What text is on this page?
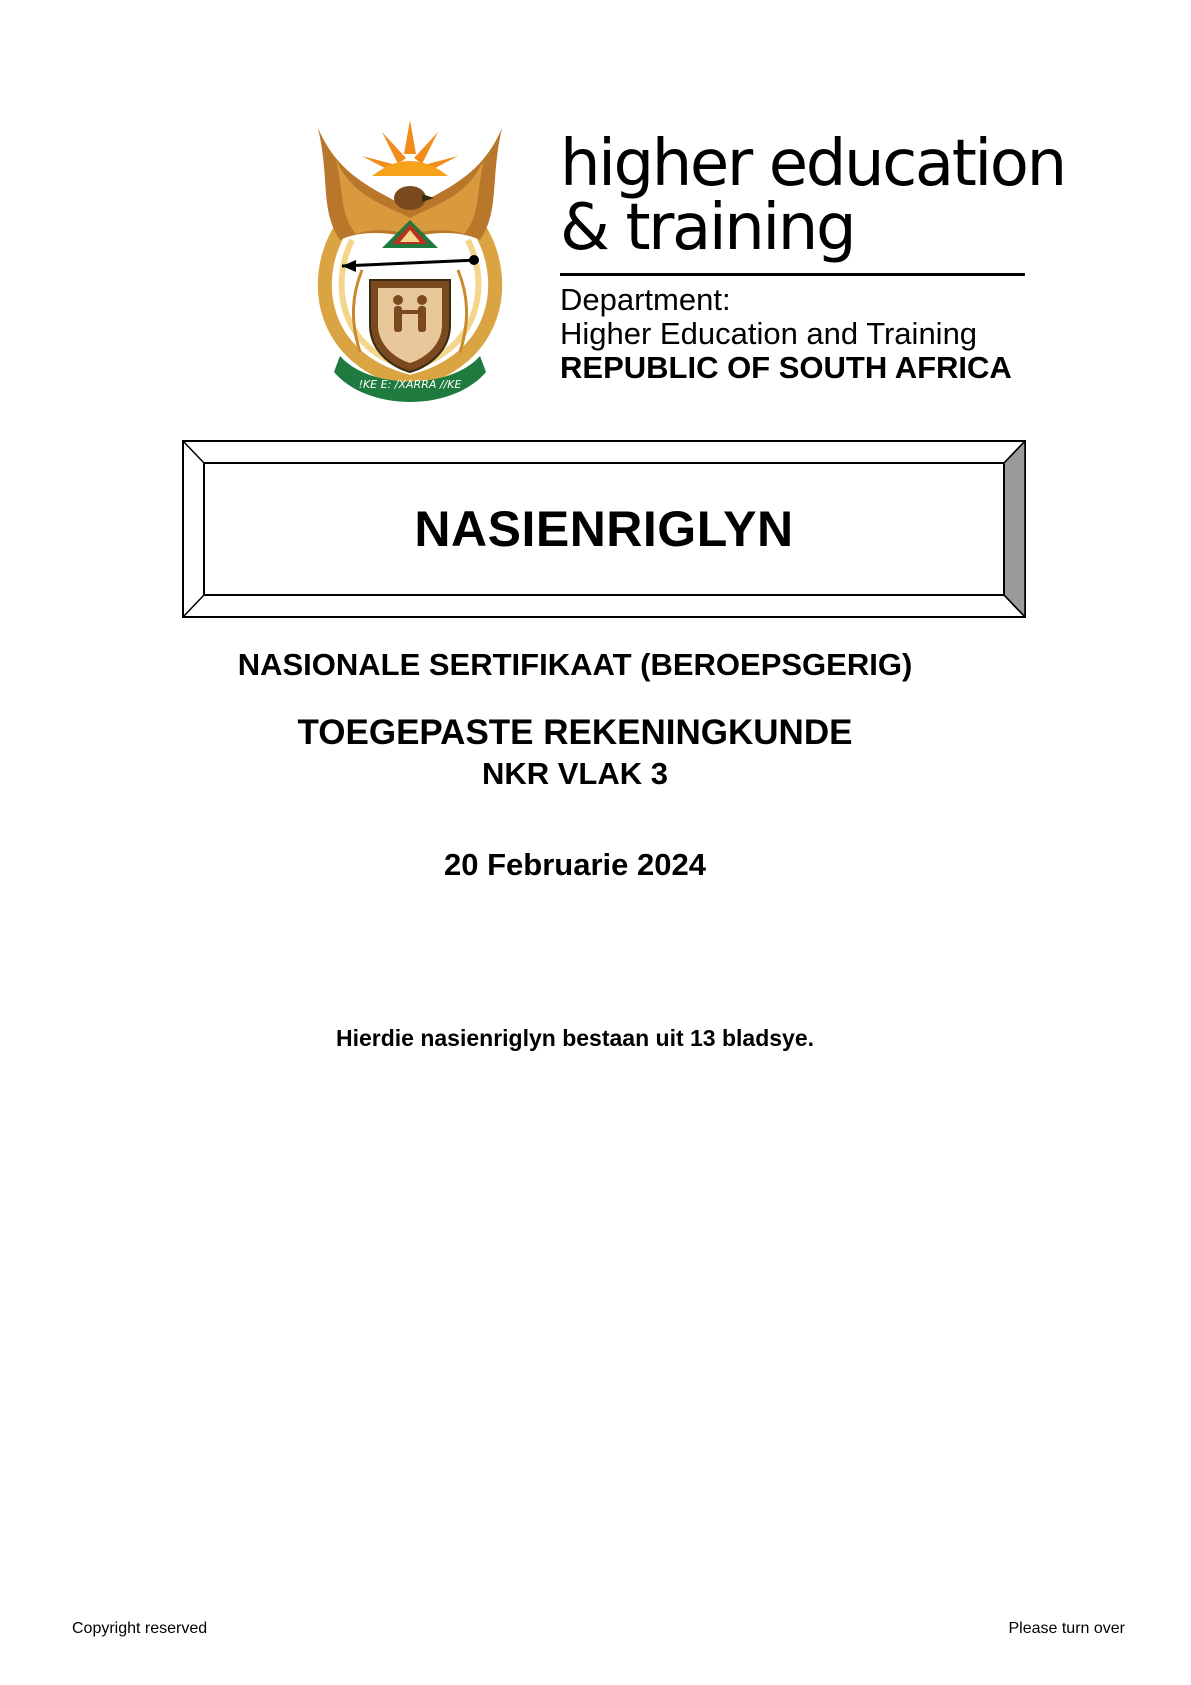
!KE E: /XARRA //KE
higher education
& training
Department:
Higher Education and Training
REPUBLIC OF SOUTH AFRICA
NASIENRIGLYN
NASIONALE SERTIFIKAAT (BEROEPSGERIG)
TOEGEPASTE REKENINGKUNDE
NKR VLAK 3
20 Februarie 2024
Hierdie nasienriglyn bestaan uit 13 bladsye.
Copyright reserved	Please turn over
